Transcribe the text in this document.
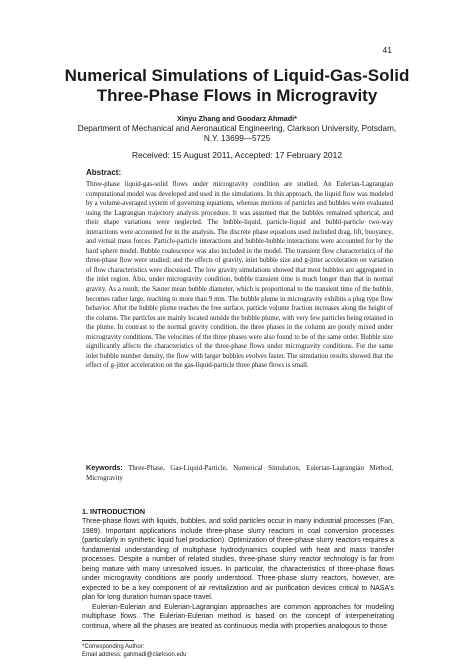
41
Numerical Simulations of Liquid-Gas-Solid Three-Phase Flows in Microgravity
Xinyu Zhang and Goodarz Ahmadi*
Department of Mechanical and Aeronautical Engineering, Clarkson University, Potsdam, N.Y. 13699—5725
Received: 15 August 2011, Accepted: 17 February 2012
Abstract:

Three-phase liquid-gas-solid flows under microgravity condition are studied. An Eulerian-Lagrangian computational model was developed and used in the simulations. In this approach, the liquid flow was modeled by a volume-averaged system of governing equations, whereas motions of particles and bubbles were evaluated using the Lagrangian trajectory analysis procedure. It was assumed that the bubbles remained spherical, and their shape variations were neglected. The bubble-liquid, particle-liquid and bubbl-particle two-way interactions were accounted for in the analysis. The discrete phase equations used included drag, lift, buoyancy, and virtual mass forces. Particle-particle interactions and bubble-bubble interactions were accounted for by the hard sphere model. Bubble coalescence was also included in the model. The transient flow characteristics of the three-phase flow were studied; and the effects of gravity, inlet bubble size and g-jitter acceleration on variation of flow characteristics were discussed. The low gravity simulations showed that most bubbles are aggregated in the inlet region. Also, under microgravity condition, bubble transient time is much longer than that in normal gravity. As a result, the Sauter mean bubble diameter, which is proportional to the transient time of the bubble, becomes rather large, reaching to more than 9 mm. The bubble plume in microgravity exhibits a plug type flow behavior. After the bubble plume reaches the free surface, particle volume fraction increases along the height of the column. The particles are mainly located outside the bubble plume, with very few particles being retained in the plume. In contrast to the normal gravity condition, the three phases in the column are poorly mixed under microgravity conditions. The velocities of the three phases were also found to be of the same order. Bubble size significantly affects the characteristics of the three-phase flows under microgravity conditions. For the same inlet bubble number density, the flow with larger bubbles evolves faster. The simulation results showed that the effect of g-jitter acceleration on the gas-liquid-particle three phase flows is small.

Keywords: Three-Phase, Gas-Liquid-Particle, Numerical Simulation, Eulerian-Lagrangian Method, Microgravity
1. INTRODUCTION

Three-phase flows with liquids, bubbles, and solid particles occur in many industrial processes (Fan, 1989). Important applications include three-phase slurry reactors in coal conversion processes (particularly in synthetic liquid fuel production). Optimization of three-phase slurry reactors requires a fundamental understanding of multiphase hydrodynamics coupled with heat and mass transfer processes. Despite a number of related studies, three-phase slurry reactor technology is far from being mature with many unresolved issues. In particular, the characteristics of three-phase flows under microgravity conditions are poorly understood. Three-phase slurry reactors, however, are expected to be a key component of air revitalization and air purification devices critical to NASA's plan for long duration human space travel.

Eulerian-Eulerian and Eulerian-Lagrangian approaches are common approaches for modeling multiphase flows. The Eulerian-Eulerian method is based on the concept of interpenetrating continua, where all the phases are treated as continuous media with properties analogous to those

*Corresponding Author:
Email address: gahmadi@clarkson.edu
